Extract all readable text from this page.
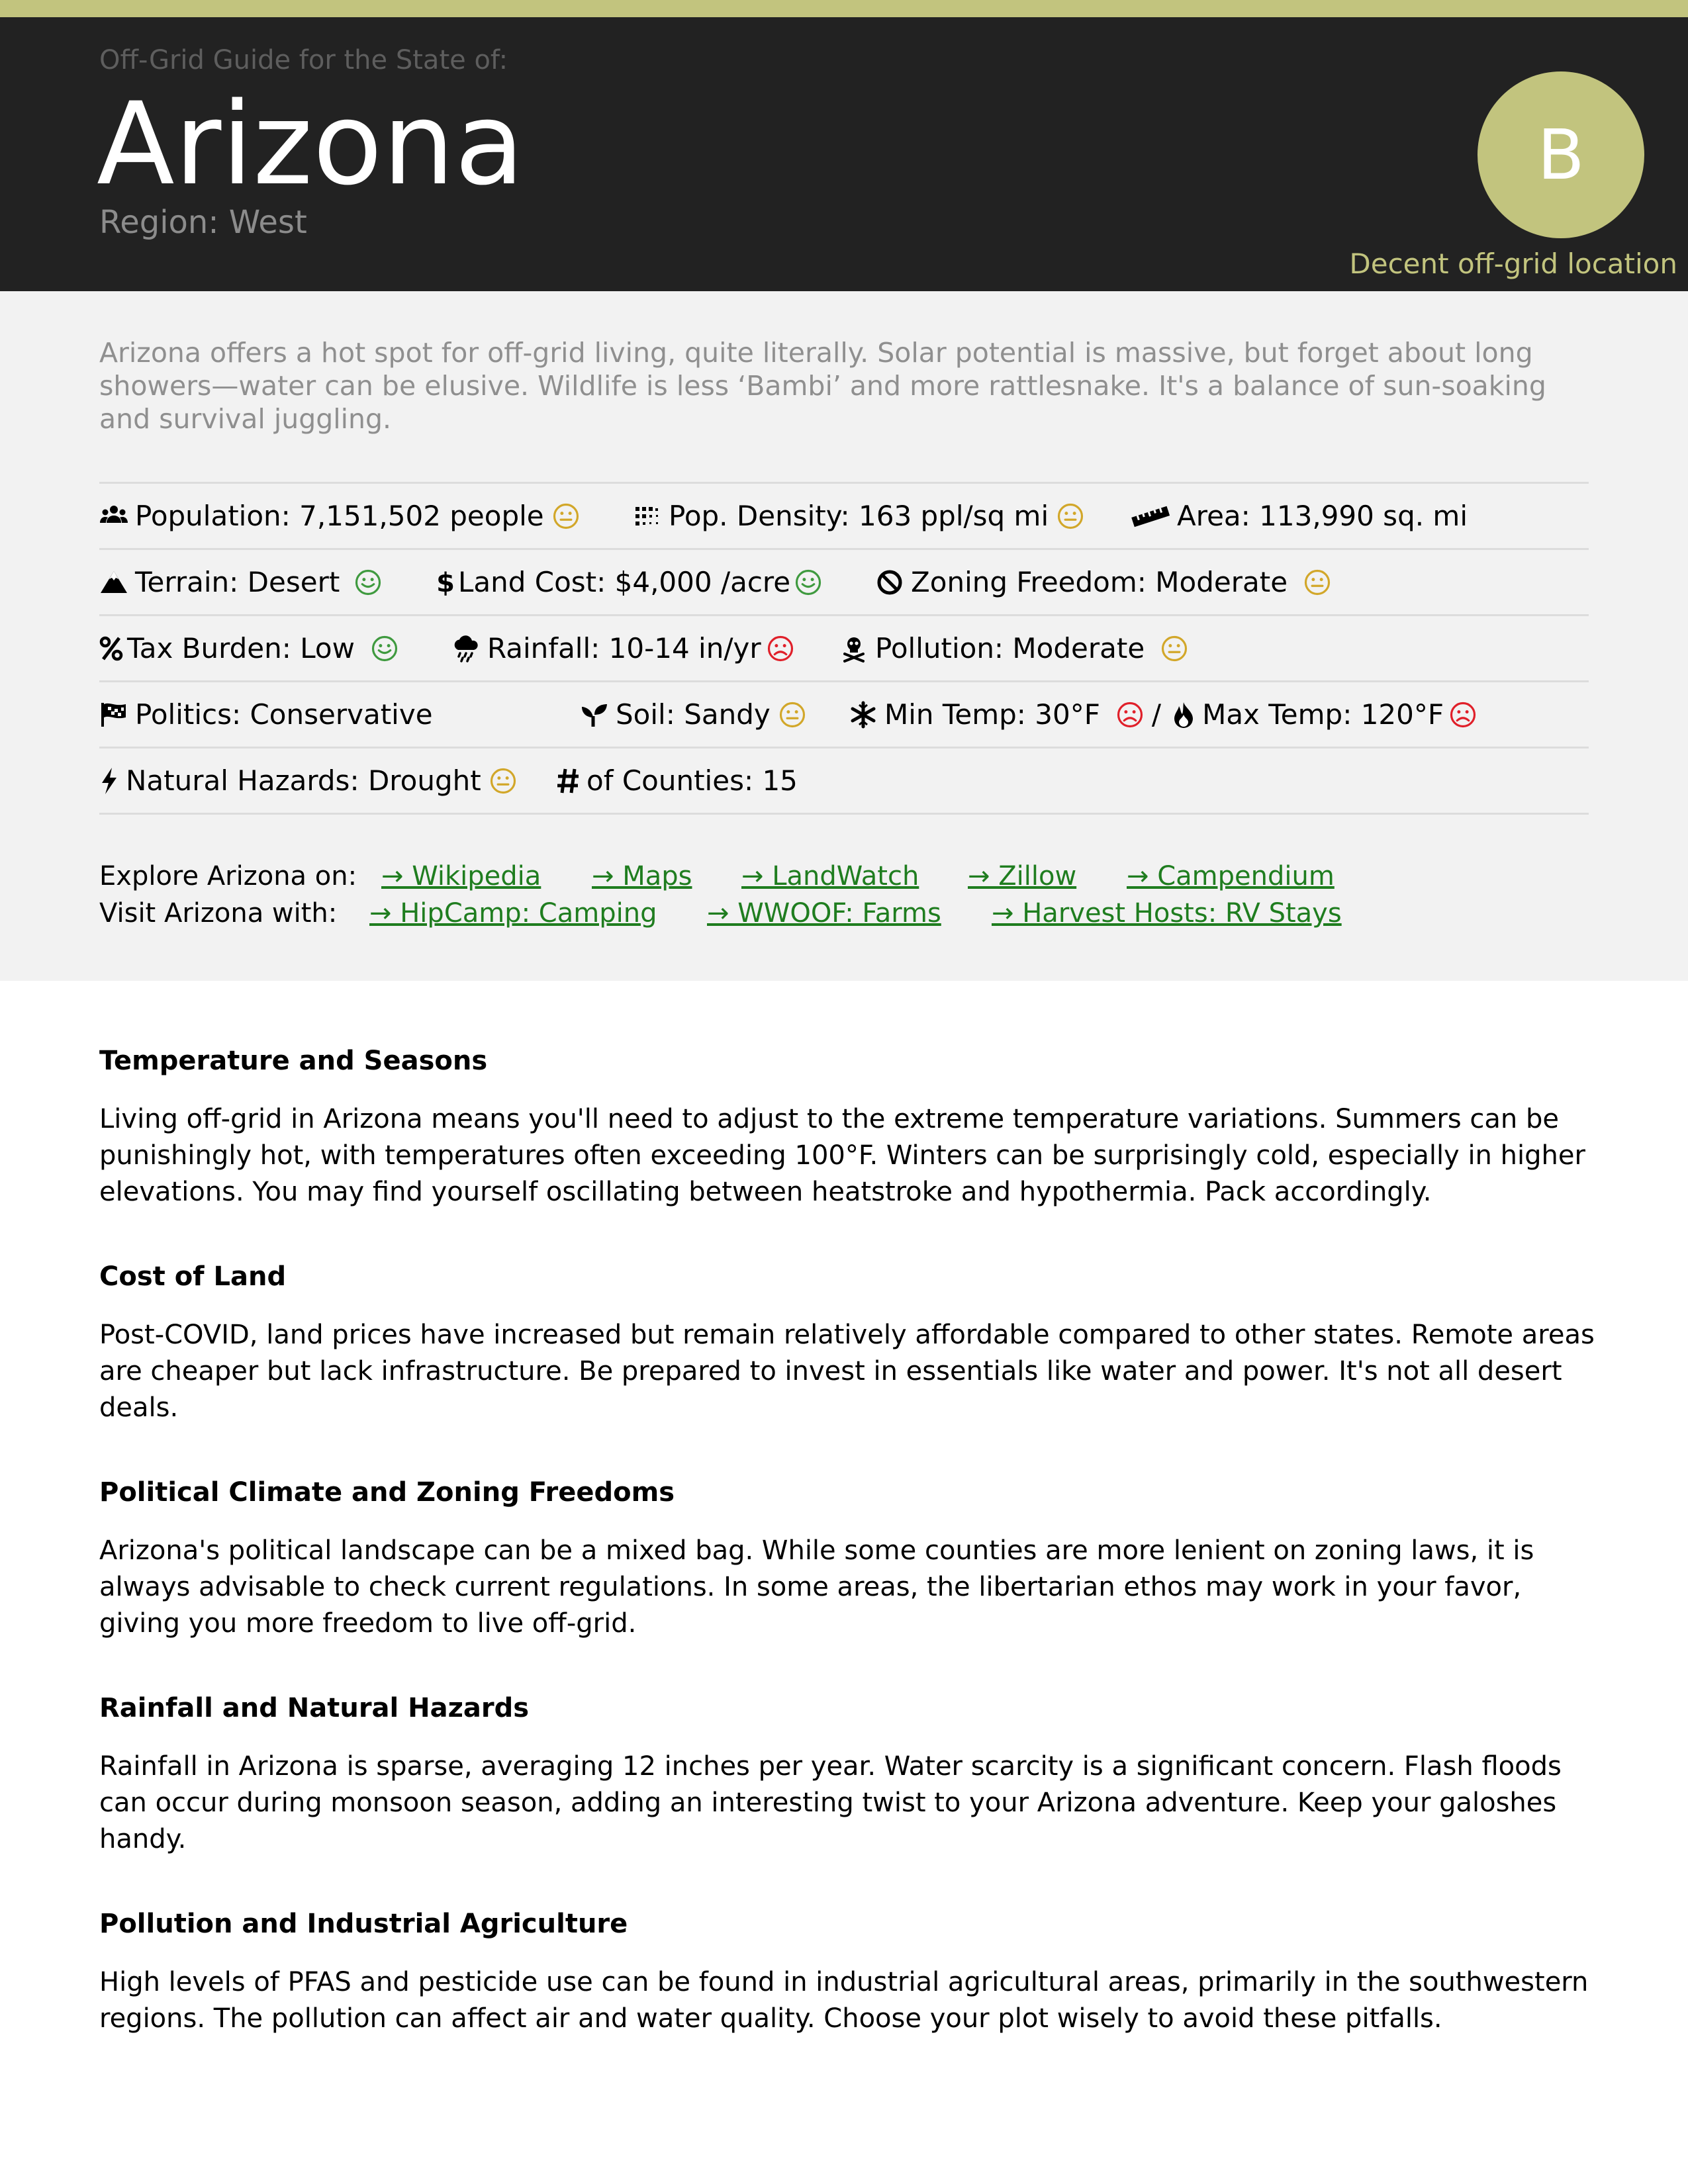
Off-Grid Guide for the State of:
Arizona
Region: West
B
Decent off-grid location

Arizona offers a hot spot for off-grid living, quite literally. Solar potential is massive, but forget about long showers—water can be elusive. Wildlife is less ‘Bambi’ and more rattlesnake. It's a balance of sun-soaking and survival juggling.

Population: 7,151,502 people	Pop. Density: 163 ppl/sq mi	Area: 113,990 sq. mi
Terrain: Desert	$ Land Cost: $4,000 /acre	Zoning Freedom: Moderate
Tax Burden: Low	Rainfall: 10-14 in/yr	Pollution: Moderate
Politics: Conservative	Soil: Sandy	Min Temp: 30°F / Max Temp: 120°F
Natural Hazards: Drought	of Counties: 15
Explore Arizona on: → Wikipedia → Maps → LandWatch → Zillow → Campendium
Visit Arizona with: → HipCamp: Camping → WWOOF: Farms → Harvest Hosts: RV Stays
Temperature and Seasons

Living off-grid in Arizona means you'll need to adjust to the extreme temperature variations. Summers can be punishingly hot, with temperatures often exceeding 100°F. Winters can be surprisingly cold, especially in higher elevations. You may find yourself oscillating between heatstroke and hypothermia. Pack accordingly.

Cost of Land

Post-COVID, land prices have increased but remain relatively affordable compared to other states. Remote areas are cheaper but lack infrastructure. Be prepared to invest in essentials like water and power. It's not all desert deals.

Political Climate and Zoning Freedoms

Arizona's political landscape can be a mixed bag. While some counties are more lenient on zoning laws, it is always advisable to check current regulations. In some areas, the libertarian ethos may work in your favor, giving you more freedom to live off-grid.

Rainfall and Natural Hazards

Rainfall in Arizona is sparse, averaging 12 inches per year. Water scarcity is a significant concern. Flash floods can occur during monsoon season, adding an interesting twist to your Arizona adventure. Keep your galoshes handy.

Pollution and Industrial Agriculture

High levels of PFAS and pesticide use can be found in industrial agricultural areas, primarily in the southwestern regions. The pollution can affect air and water quality. Choose your plot wisely to avoid these pitfalls.
